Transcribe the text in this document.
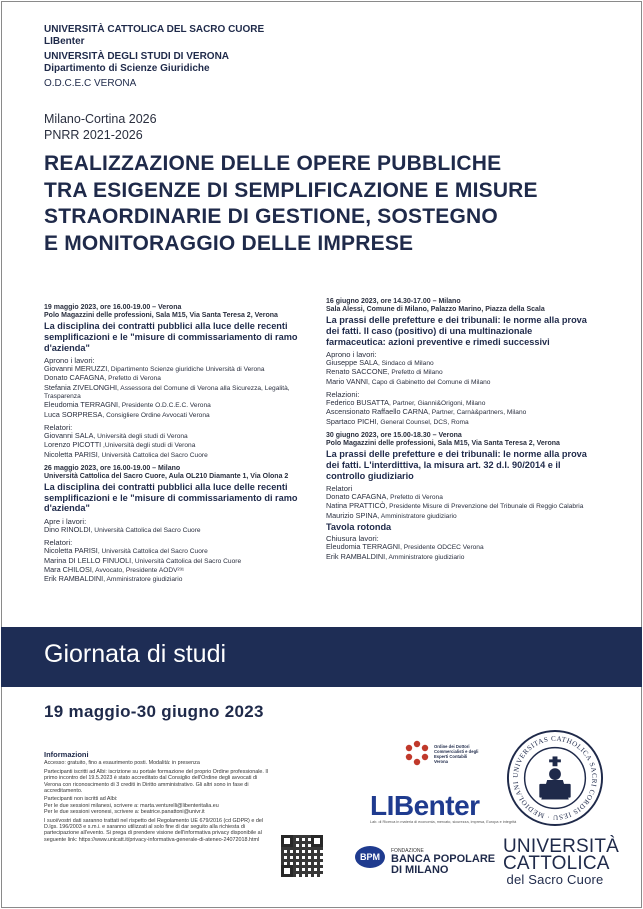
UNIVERSITÀ CATTOLICA DEL SACRO CUORE
LIBenter
UNIVERSITÀ DEGLI STUDI DI VERONA
Dipartimento di Scienze Giuridiche
O.D.C.E.C VERONA
Milano-Cortina 2026
PNRR 2021-2026
REALIZZAZIONE DELLE OPERE PUBBLICHE
TRA ESIGENZE DI SEMPLIFICAZIONE E MISURE
STRAORDINARIE DI GESTIONE, SOSTEGNO
E MONITORAGGIO DELLE IMPRESE
19 maggio 2023, ore 16.00-19.00 – Verona
Polo Magazzini delle professioni, Sala M15, Via Santa Teresa 2, Verona
La disciplina dei contratti pubblici alla luce delle recenti semplificazioni e le "misure di commissariamento di ramo d'azienda"
Aprono i lavori:
Giovanni MERUZZI, Dipartimento Scienze giuridiche Università di Verona
Donato CAFAGNA, Prefetto di Verona
Stefania ZIVELONGHI, Assessora del Comune di Verona alla Sicurezza, Legalità, Trasparenza
Eleudomia TERRAGNI, Presidente O.D.C.E.C. Verona
Luca SORPRESA, Consigliere Ordine Avvocati Verona
Relatori:
Giovanni SALA, Università degli studi di Verona
Lorenzo PICOTTI ,Università degli studi di Verona
Nicoletta PARISI, Università Cattolica del Sacro Cuore
26 maggio 2023, ore 16.00-19.00 – Milano
Università Cattolica del Sacro Cuore, Aula OL210 Diamante 1, Via Olona 2
La disciplina dei contratti pubblici alla luce delle recenti semplificazioni e le "misure di commissariamento di ramo d'azienda"
Apre i lavori:
Dino RINOLDI, Università Cattolica del Sacro Cuore
Relatori:
Nicoletta PARISI, Università Cattolica del Sacro Cuore
Marina DI LELLO FINUOLI, Università Cattolica del Sacro Cuore
Mara CHILOSI, Avvocato, Presidente AODV²³¹
Erik RAMBALDINI, Amministratore giudiziario
16 giugno 2023, ore 14.30-17.00 – Milano
Sala Alessi, Comune di Milano, Palazzo Marino, Piazza della Scala
La prassi delle prefetture e dei tribunali: le norme alla prova dei fatti. Il caso (positivo) di una multinazionale farmaceutica: azioni preventive e rimedi successivi
Aprono i lavori:
Giuseppe SALA, Sindaco di Milano
Renato SACCONE, Prefetto di Milano
Mario VANNI, Capo di Gabinetto del Comune di Milano
Relazioni:
Federico BUSATTA, Partner, Gianni&Origoni, Milano
Ascensionato Raffaello CARNA, Partner, Carnà&partners, Milano
Spartaco PICHI, General Counsel, DCS, Roma
30 giugno 2023, ore 15.00-18.30 – Verona
Polo Magazzini delle professioni, Sala M15, Via Santa Teresa 2, Verona
La prassi delle prefetture e dei tribunali: le norme alla prova dei fatti. L'interdittiva, la misura art. 32 d.l. 90/2014 e il controllo giudiziario
Relatori
Donato CAFAGNA, Prefetto di Verona
Natina PRATTICÒ, Presidente Misure di Prevenzione del Tribunale di Reggio Calabria
Maurizio SPINA, Amministratore giudiziario
Tavola rotonda
Chiusura lavori:
Eleudomia TERRAGNI, Presidente ODCEC Verona
Erik RAMBALDINI, Amministratore giudiziario
Giornata di studi
19 maggio-30 giugno 2023
Informazioni
Accesso: gratuito, fino a esaurimento posti. Modalità: in presenza
Partecipanti iscritti ad Albi: iscrizione su portale formazione del proprio Ordine professionale. Il primo incontro del 19.5.2023 è stato accreditato dal Consiglio dell'Ordine degli avvocati di Verona con riconoscimento di 3 crediti in Diritto amministrativo. Gli altri sono in fase di accreditamento.
Partecipanti non iscritti ad Albi:
Per le due sessioni milanesi, scrivere a: marta.venturelli@libenteritalia.eu
Per le due sessioni veronesi, scrivere a: beatrice.panattoni@univr.it
I suoi/vostri dati saranno trattati nel rispetto del Regolamento UE 679/2016 (cd GDPR) e del D.lgs. 196/2003 e s.m.i. e saranno utilizzati al solo fine di dar seguito alla richiesta di partecipazione all'evento. Si prega di prendere visione dell'informativa privacy disponibile al seguente link: https://www.unicatt.it/privacy-informativa-generale-di-ateneo-24072018.html
Ordine dei Dottori Commercialisti e degli Esperti Contabili Verona
LIBenter
Lab. di Ricerca in materia di economia, mercato, sicurezza, impresa, Europa e integrità
BPM
FONDAZIONE
BANCA POPOLARE
DI MILANO
UNIVERSITAS CATHOLICA SACRI CORDIS IESU · MEDIOLANI
UNIVERSITÀ
CATTOLICA
del Sacro Cuore
